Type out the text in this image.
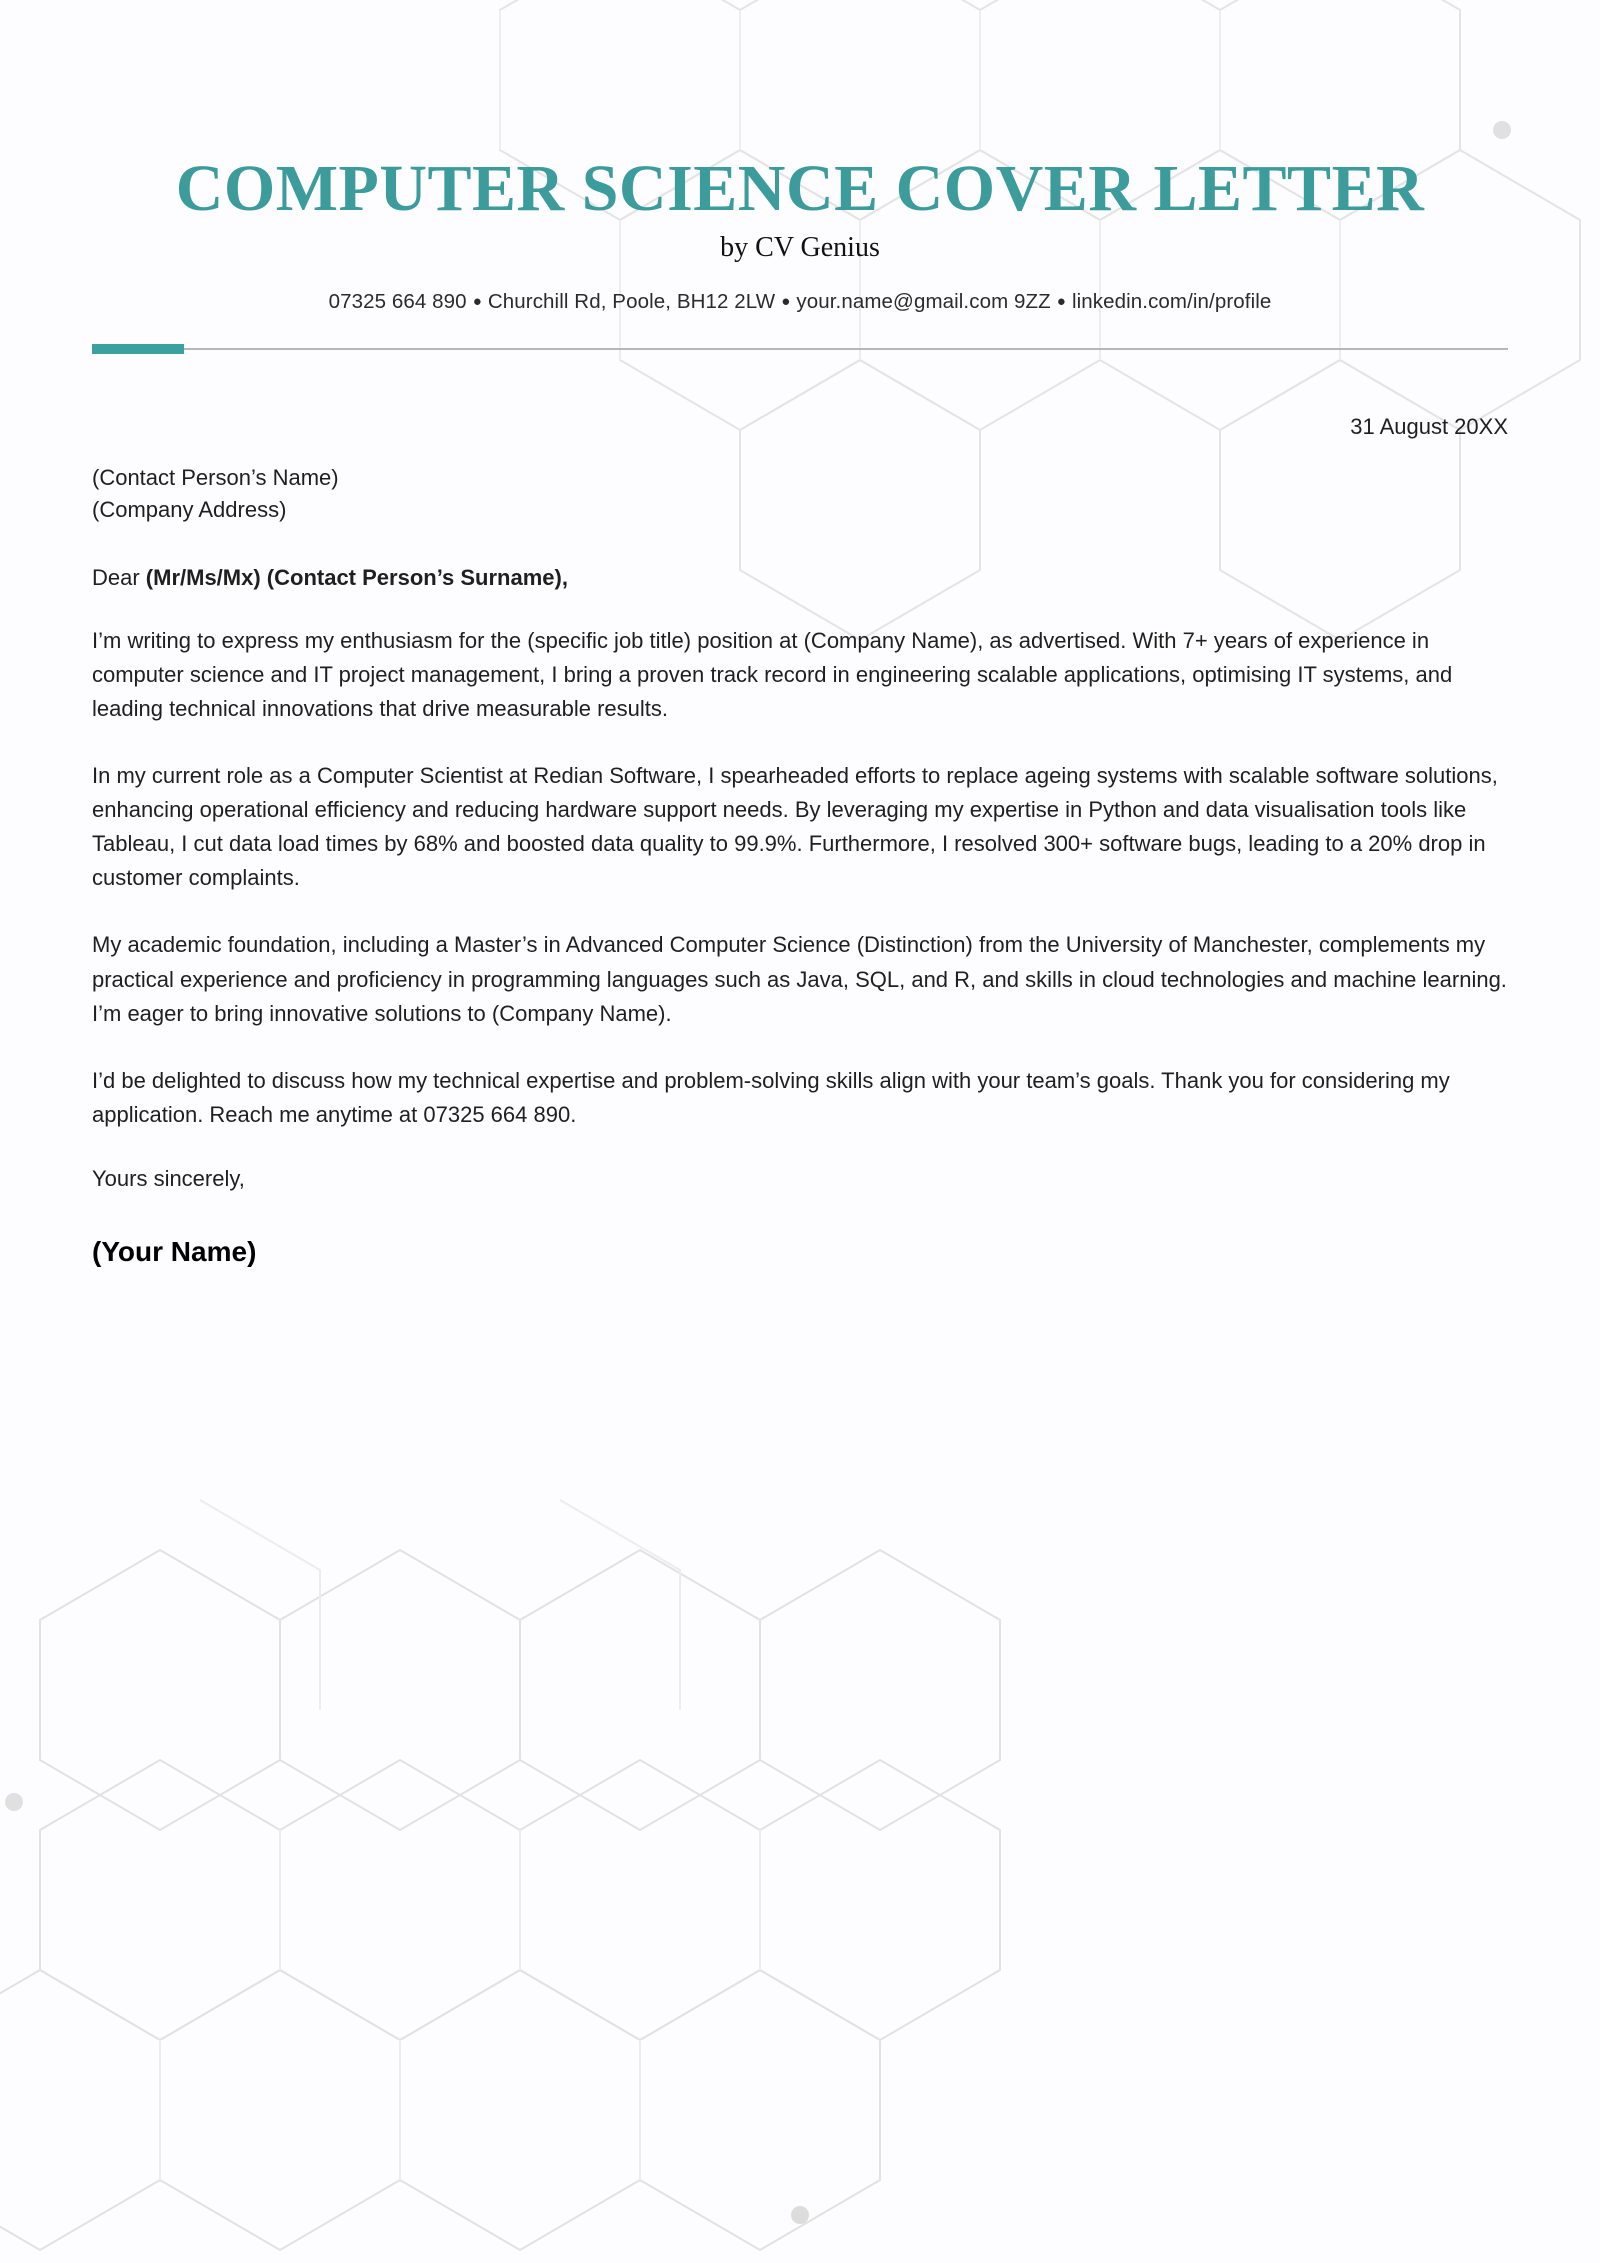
COMPUTER SCIENCE COVER LETTER
by CV Genius
07325 664 890 ● Churchill Rd, Poole, BH12 2LW ● your.name@gmail.com 9ZZ ● linkedin.com/in/profile
31 August 20XX
(Contact Person’s Name)
(Company Address)
Dear (Mr/Ms/Mx) (Contact Person’s Surname),

I’m writing to express my enthusiasm for the (specific job title) position at (Company Name), as advertised. With 7+ years of experience in computer science and IT project management, I bring a proven track record in engineering scalable applications, optimising IT systems, and leading technical innovations that drive measurable results.

In my current role as a Computer Scientist at Redian Software, I spearheaded efforts to replace ageing systems with scalable software solutions, enhancing operational efficiency and reducing hardware support needs. By leveraging my expertise in Python and data visualisation tools like Tableau, I cut data load times by 68% and boosted data quality to 99.9%. Furthermore, I resolved 300+ software bugs, leading to a 20% drop in customer complaints.

My academic foundation, including a Master’s in Advanced Computer Science (Distinction) from the University of Manchester, complements my practical experience and proficiency in programming languages such as Java, SQL, and R, and skills in cloud technologies and machine learning. I’m eager to bring innovative solutions to (Company Name).

I’d be delighted to discuss how my technical expertise and problem-solving skills align with your team’s goals. Thank you for considering my application. Reach me anytime at 07325 664 890.

Yours sincerely,
(Your Name)
